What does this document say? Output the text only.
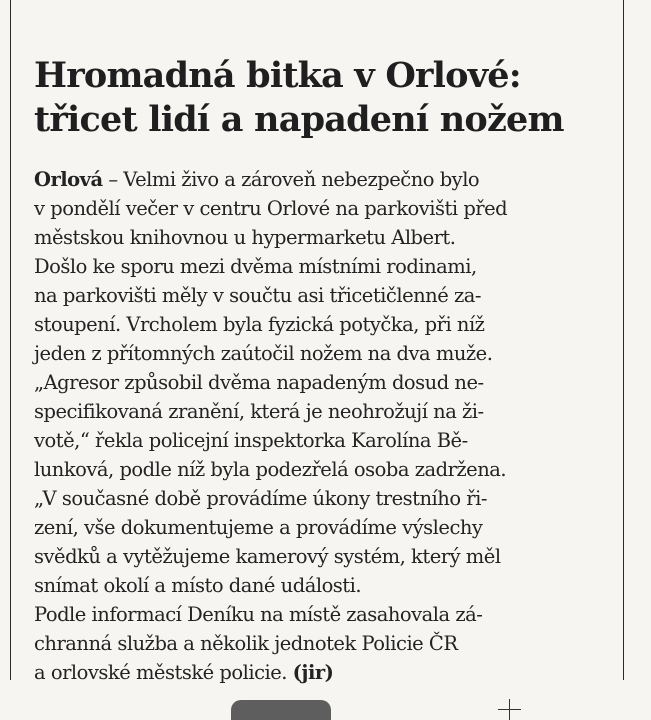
Hromadná bitka v Orlové:
třicet lidí a napadení nožem
Orlová – Velmi živo a zároveň nebezpečno bylo
v pondělí večer v centru Orlové na parkovišti před
městskou knihovnou u hypermarketu Albert.
Došlo ke sporu mezi dvěma místními rodinami,
na parkovišti měly v součtu asi třicetičlenné za-
stoupení. Vrcholem byla fyzická potyčka, při níž
jeden z přítomných zaútočil nožem na dva muže.
„Agresor způsobil dvěma napadeným dosud ne-
specifikovaná zranění, která je neohrožují na ži-
votě,“ řekla policejní inspektorka Karolína Bě-
lunková, podle níž byla podezřelá osoba zadržena.
„V současné době provádíme úkony trestního ři-
zení, vše dokumentujeme a provádíme výslechy
svědků a vytěžujeme kamerový systém, který měl
snímat okolí a místo dané události.
Podle informací Deníku na místě zasahovala zá-
chranná služba a několik jednotek Policie ČR
a orlovské městské policie. (jir)
